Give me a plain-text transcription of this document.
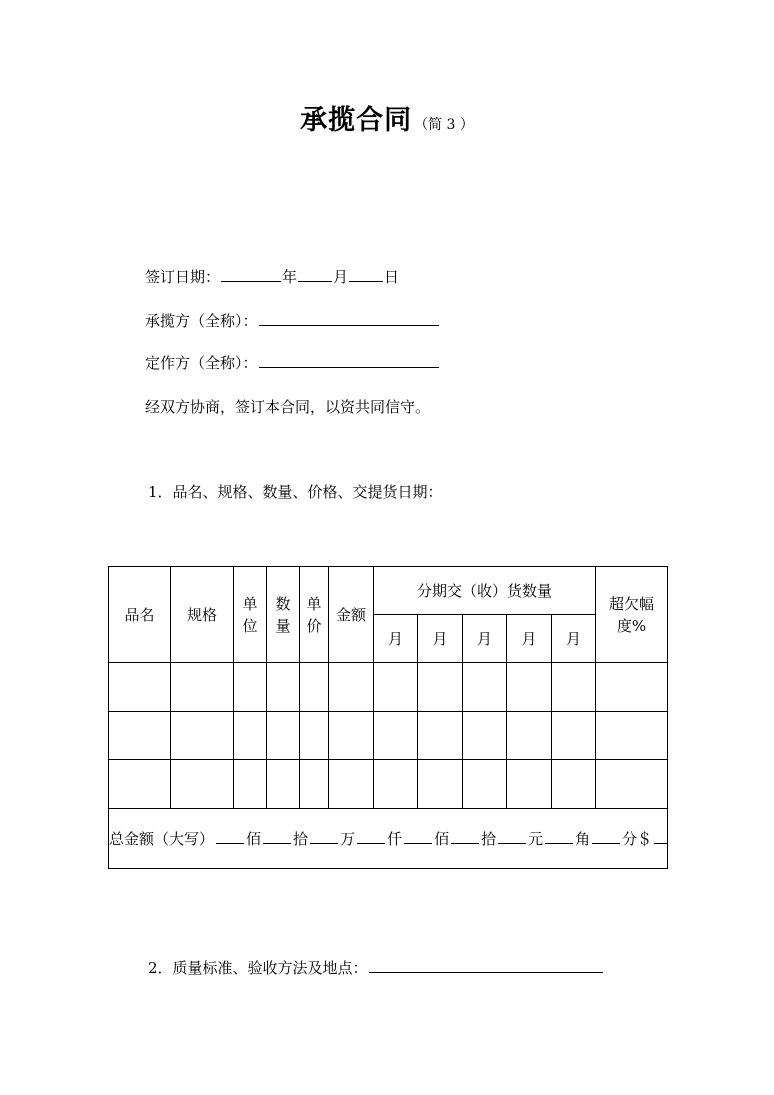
承揽合同 （简 3 ）
签订日期：	年 月 日
承揽方（全称）：
定作方（全称）：
经双方协商，签订本合同，以资共同信守。
1．品名、规格、数量、价格、交提货日期：
品名	规格	单位	数量	单价	金额	分期交（收）货数量					超欠幅度%
						月	月	月	月	月	

总金额（大写） 佰 拾 万 仟 佰 拾 元 角 分＄											
2．质量标准、验收方法及地点：
